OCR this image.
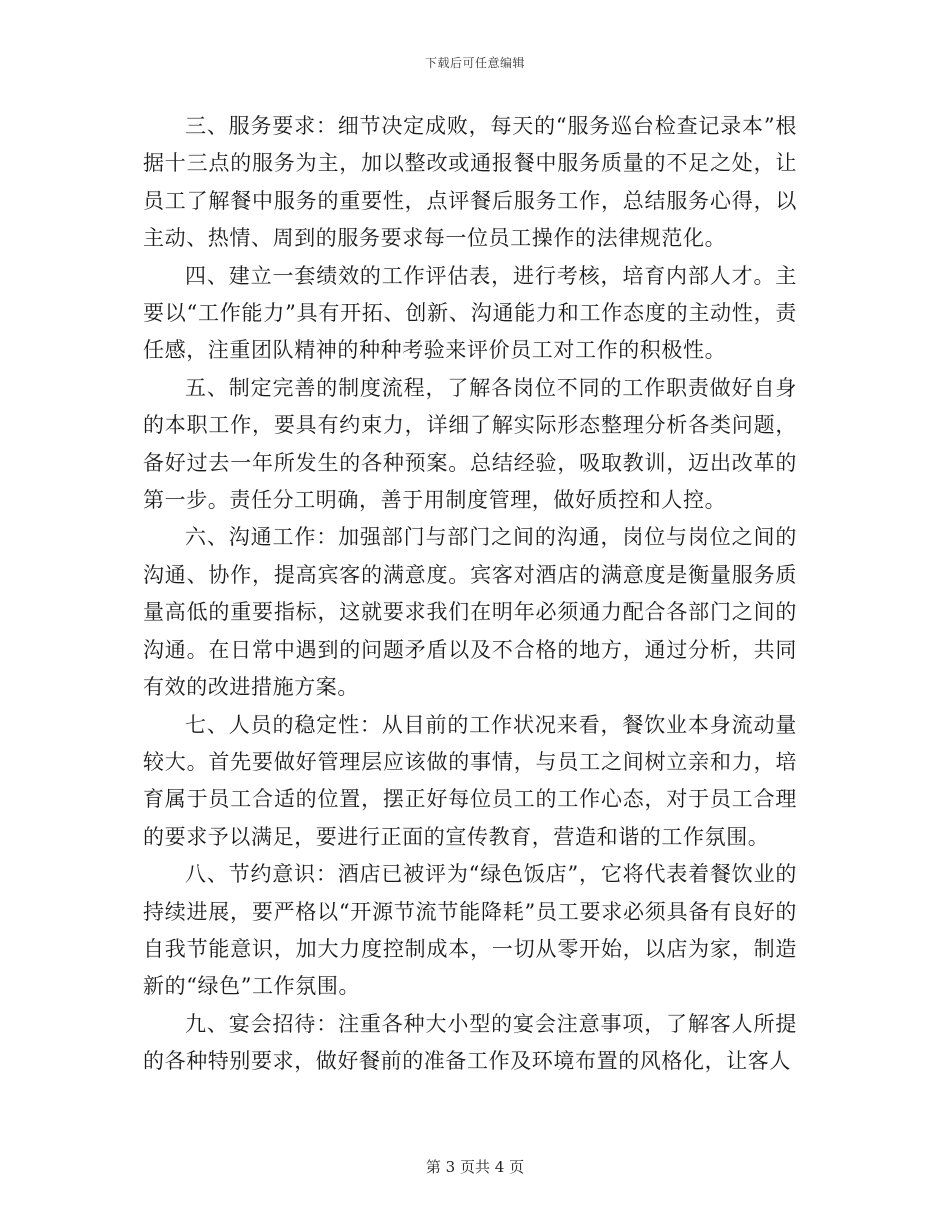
下载后可任意编辑

三、服务要求：细节决定成败，每天的“服务巡台检查记录本”根据十三点的服务为主，加以整改或通报餐中服务质量的不足之处，让员工了解餐中服务的重要性，点评餐后服务工作，总结服务心得，以主动、热情、周到的服务要求每一位员工操作的法律规范化。

四、建立一套绩效的工作评估表，进行考核，培育内部人才。主要以“工作能力”具有开拓、创新、沟通能力和工作态度的主动性，责任感，注重团队精神的种种考验来评价员工对工作的积极性。

五、制定完善的制度流程，了解各岗位不同的工作职责做好自身的本职工作，要具有约束力，详细了解实际形态整理分析各类问题，备好过去一年所发生的各种预案。总结经验，吸取教训，迈出改革的第一步。责任分工明确，善于用制度管理，做好质控和人控。

六、沟通工作：加强部门与部门之间的沟通，岗位与岗位之间的沟通、协作，提高宾客的满意度。宾客对酒店的满意度是衡量服务质量高低的重要指标，这就要求我们在明年必须通力配合各部门之间的沟通。在日常中遇到的问题矛盾以及不合格的地方，通过分析，共同有效的改进措施方案。

七、人员的稳定性：从目前的工作状况来看，餐饮业本身流动量较大。首先要做好管理层应该做的事情，与员工之间树立亲和力，培育属于员工合适的位置，摆正好每位员工的工作心态，对于员工合理的要求予以满足，要进行正面的宣传教育，营造和谐的工作氛围。

八、节约意识：酒店已被评为“绿色饭店”，它将代表着餐饮业的持续进展，要严格以“开源节流节能降耗”员工要求必须具备有良好的自我节能意识，加大力度控制成本，一切从零开始，以店为家，制造新的“绿色”工作氛围。

九、宴会招待：注重各种大小型的宴会注意事项，了解客人所提的各种特别要求，做好餐前的准备工作及环境布置的风格化，让客人

第 3 页共 4 页
